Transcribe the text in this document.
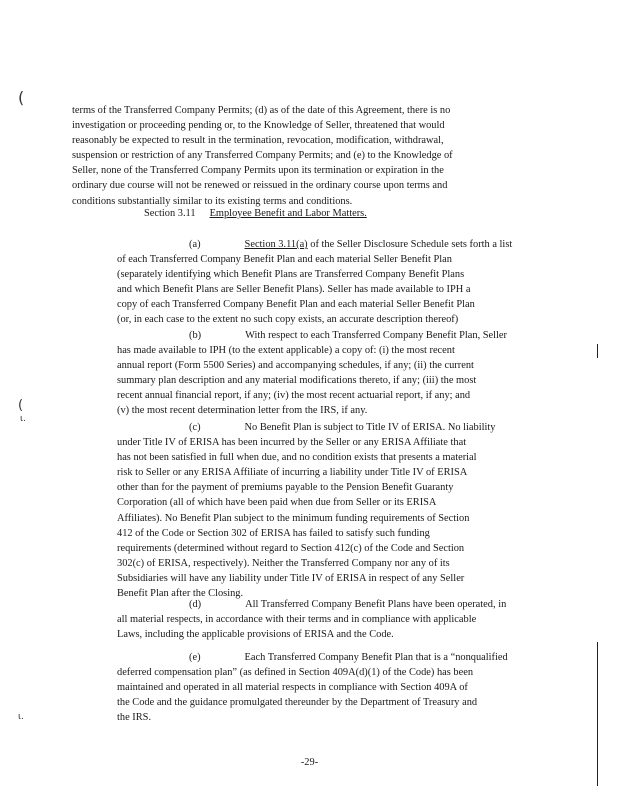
(
(
ι.
ι.
terms of the Transferred Company Permits; (d) as of the date of this Agreement, there is no
investigation or proceeding pending or, to the Knowledge of Seller, threatened that would
reasonably be expected to result in the termination, revocation, modification, withdrawal,
suspension or restriction of any Transferred Company Permits; and (e) to the Knowledge of
Seller, none of the Transferred Company Permits upon its termination or expiration in the
ordinary due course will not be renewed or reissued in the ordinary course upon terms and
conditions substantially similar to its existing terms and conditions.
Section 3.11 Employee Benefit and Labor Matters.
(a)	Section 3.11(a) of the Seller Disclosure Schedule sets forth a list
of each Transferred Company Benefit Plan and each material Seller Benefit Plan
(separately identifying which Benefit Plans are Transferred Company Benefit Plans
and which Benefit Plans are Seller Benefit Plans). Seller has made available to IPH a
copy of each Transferred Company Benefit Plan and each material Seller Benefit Plan
(or, in each case to the extent no such copy exists, an accurate description thereof)
(b)	With respect to each Transferred Company Benefit Plan, Seller
has made available to IPH (to the extent applicable) a copy of: (i) the most recent
annual report (Form 5500 Series) and accompanying schedules, if any; (ii) the current
summary plan description and any material modifications thereto, if any; (iii) the most
recent annual financial report, if any; (iv) the most recent actuarial report, if any; and
(v) the most recent determination letter from the IRS, if any.
(c)	No Benefit Plan is subject to Title IV of ERISA. No liability
under Title IV of ERISA has been incurred by the Seller or any ERISA Affiliate that
has not been satisfied in full when due, and no condition exists that presents a material
risk to Seller or any ERISA Affiliate of incurring a liability under Title IV of ERISA
other than for the payment of premiums payable to the Pension Benefit Guaranty
Corporation (all of which have been paid when due from Seller or its ERISA
Affiliates). No Benefit Plan subject to the minimum funding requirements of Section
412 of the Code or Section 302 of ERISA has failed to satisfy such funding
requirements (determined without regard to Section 412(c) of the Code and Section
302(c) of ERISA, respectively). Neither the Transferred Company nor any of its
Subsidiaries will have any liability under Title IV of ERISA in respect of any Seller
Benefit Plan after the Closing.
(d)	All Transferred Company Benefit Plans have been operated, in
all material respects, in accordance with their terms and in compliance with applicable
Laws, including the applicable provisions of ERISA and the Code.
(e)	Each Transferred Company Benefit Plan that is a “nonqualified
deferred compensation plan” (as defined in Section 409A(d)(1) of the Code) has been
maintained and operated in all material respects in compliance with Section 409A of
the Code and the guidance promulgated thereunder by the Department of Treasury and
the IRS.
-29-
